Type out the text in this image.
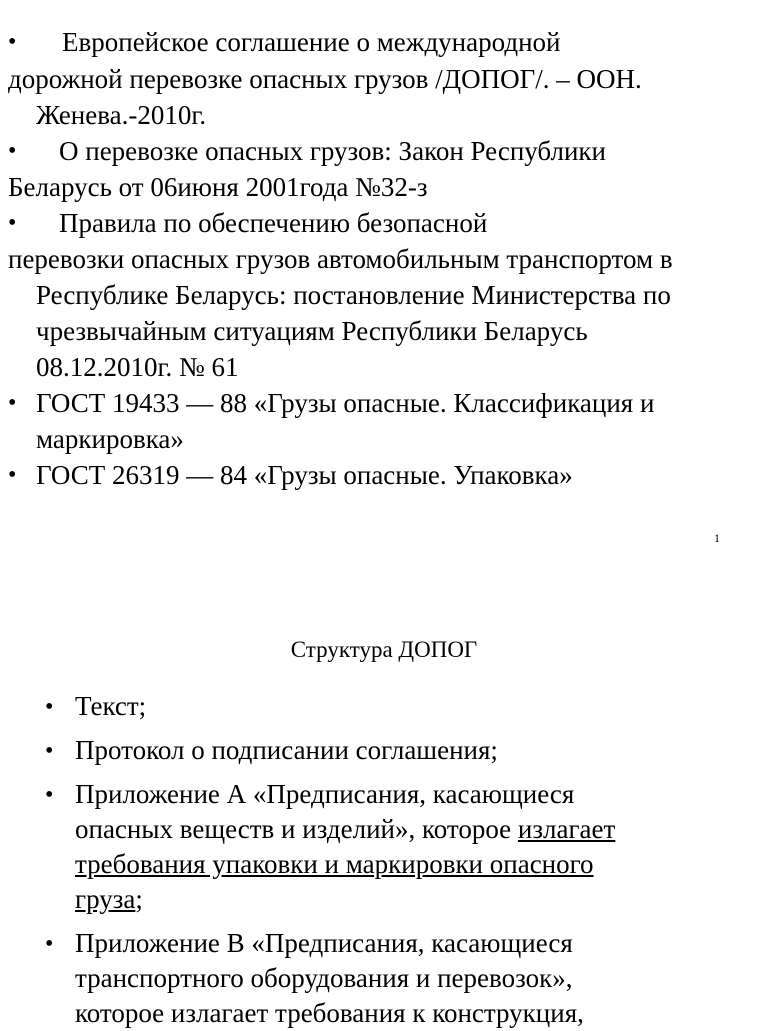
• Европейское соглашение о международной
дорожной перевозке опасных грузов /ДОПОГ/. – ООН.
Женева.-2010г.
• О перевозке опасных грузов: Закон Республики
Беларусь от 06июня 2001года №32-з
• Правила по обеспечению безопасной
перевозки опасных грузов автомобильным транспортом в
Республике Беларусь: постановление Министерства по
чрезвычайным ситуациям Республики Беларусь
08.12.2010г. № 61
• ГОСТ 19433 — 88 «Грузы опасные. Классификация и
маркировка»
• ГОСТ 26319 — 84 «Грузы опасные. Упаковка»
1
Структура ДОПОГ
• Текст;
• Протокол о подписании соглашения;
• Приложение А «Предписания, касающиеся
опасных веществ и изделий», которое излагает
требования упаковки и маркировки опасного
груза;
• Приложение В «Предписания, касающиеся
транспортного оборудования и перевозок»,
которое излагает требования к конструкция,
